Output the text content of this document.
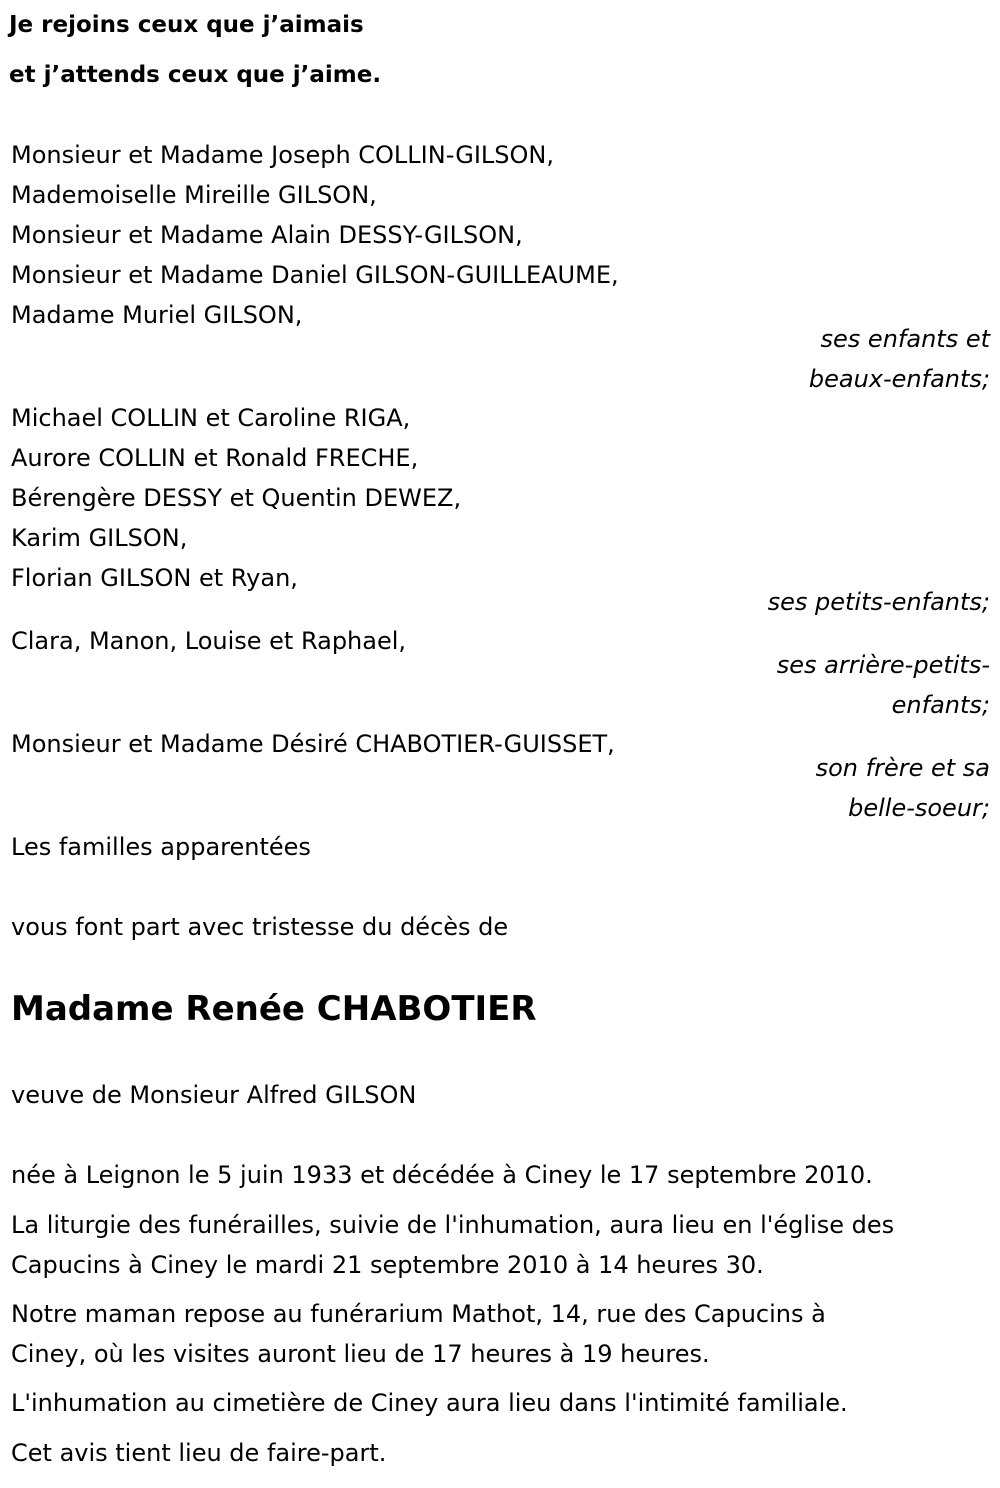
Je rejoins ceux que j’aimais
et j’attends ceux que j’aime.
Monsieur et Madame Joseph COLLIN-GILSON,
Mademoiselle Mireille GILSON,
Monsieur et Madame Alain DESSY-GILSON,
Monsieur et Madame Daniel GILSON-GUILLEAUME,
Madame Muriel GILSON,
ses enfants et
beaux-enfants;
Michael COLLIN et Caroline RIGA,
Aurore COLLIN et Ronald FRECHE,
Bérengère DESSY et Quentin DEWEZ,
Karim GILSON,
Florian GILSON et Ryan,
ses petits-enfants;
Clara, Manon, Louise et Raphael,
ses arrière-petits-
enfants;
Monsieur et Madame Désiré CHABOTIER-GUISSET,
son frère et sa
belle-soeur;
Les familles apparentées
vous font part avec tristesse du décès de
Madame Renée CHABOTIER
veuve de Monsieur Alfred GILSON
née à Leignon le 5 juin 1933 et décédée à Ciney le 17 septembre 2010.
La liturgie des funérailles, suivie de l'inhumation, aura lieu en l'église des
Capucins à Ciney le mardi 21 septembre 2010 à 14 heures 30.
Notre maman repose au funérarium Mathot, 14, rue des Capucins à
Ciney, où les visites auront lieu de 17 heures à 19 heures.
L'inhumation au cimetière de Ciney aura lieu dans l'intimité familiale.
Cet avis tient lieu de faire-part.
